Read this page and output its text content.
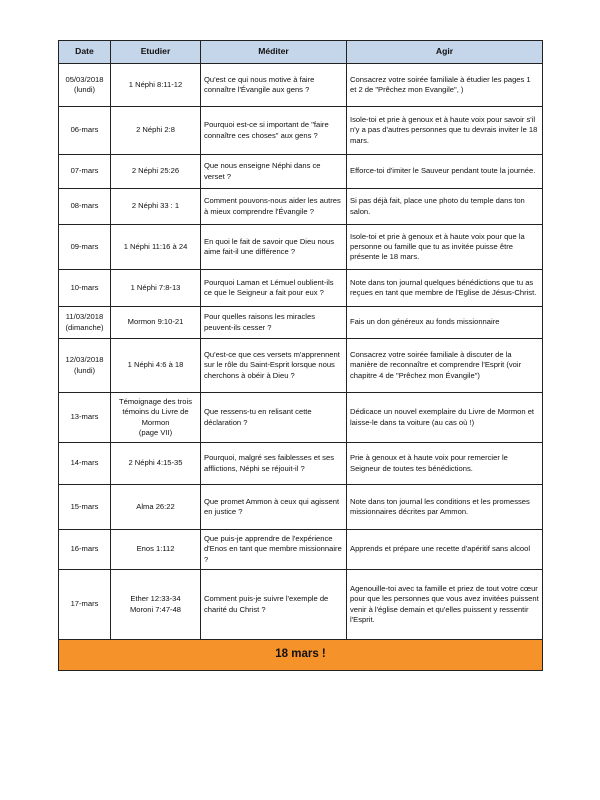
Date	Etudier	Méditer	Agir
05/03/2018
(lundi)	1 Néphi 8:11-12	Qu'est ce qui nous motive à faire connaître l'Évangile aux gens ?	Consacrez votre soirée familiale à étudier les pages 1 et 2 de "Prêchez mon Evangile", )
06-mars	2 Néphi 2:8	Pourquoi est-ce si important de "faire connaître ces choses" aux gens ?	Isole-toi et prie à genoux et à haute voix pour savoir s'il n'y a pas d'autres personnes que tu devrais inviter le 18 mars.
07-mars	2 Néphi 25:26	Que nous enseigne Néphi dans ce verset ?	Efforce-toi d'imiter le Sauveur pendant toute la journée.
08-mars	2 Néphi 33 : 1	Comment pouvons-nous aider les autres à mieux comprendre l'Évangile ?	Si pas déjà fait, place une photo du temple dans ton salon.
09-mars	1 Néphi 11:16 à 24	En quoi le fait de savoir que Dieu nous aime fait-il une différence ?	Isole-toi et prie à genoux et à haute voix pour que la personne ou famille que tu as invitée puisse être présente le 18 mars.
10-mars	1 Néphi 7:8-13	Pourquoi Laman et Lémuel oublient-ils ce que le Seigneur a fait pour eux ?	Note dans ton journal quelques bénédictions que tu as reçues en tant que membre de l'Eglise de Jésus-Christ.
11/03/2018
(dimanche)	Mormon 9:10-21	Pour quelles raisons les miracles peuvent-ils cesser ?	Fais un don généreux au fonds missionnaire
12/03/2018
(lundi)	1 Néphi 4:6 à 18	Qu'est-ce que ces versets m'apprennent sur le rôle du Saint-Esprit lorsque nous cherchons à obéir à Dieu ?	Consacrez votre soirée familiale à discuter de la manière de reconnaître et comprendre l'Esprit (voir chapitre 4 de "Prêchez mon Évangile")
13-mars	Témoignage des trois
témoins du Livre de
Mormon
(page VII)	Que ressens-tu en relisant cette déclaration ?	Dédicace un nouvel exemplaire du Livre de Mormon et laisse-le dans ta voiture (au cas où !)
14-mars	2 Néphi 4:15-35	Pourquoi, malgré ses faiblesses et ses afflictions, Néphi se réjouit-il ?	Prie à genoux et à haute voix pour remercier le Seigneur de toutes tes bénédictions.
15-mars	Alma 26:22	Que promet Ammon à ceux qui agissent en justice ?	Note dans ton journal les conditions et les promesses missionnaires décrites par Ammon.
16-mars	Enos 1:112	Que puis-je apprendre de l'expérience d'Enos en tant que membre missionnaire ?	Apprends et prépare une recette d'apéritif sans alcool
17-mars	Ether 12:33-34
Moroni 7:47-48	Comment puis-je suivre l'exemple de charité du Christ ?	Agenouille-toi avec ta famille et priez de tout votre cœur pour que les personnes que vous avez invitées puissent venir à l'église demain et qu'elles puissent y ressentir l'Esprit.
18 mars !			
